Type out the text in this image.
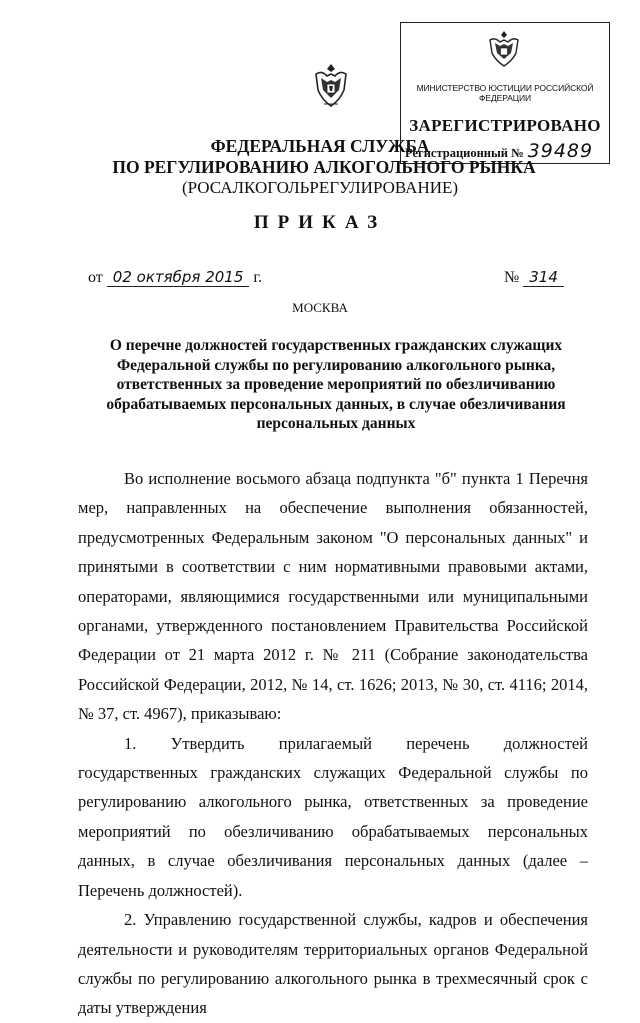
МИНИСТЕРСТВО ЮСТИЦИИ РОССИЙСКОЙ ФЕДЕРАЦИИ
ЗАРЕГИСТРИРОВАНО
Регистрационный № 39489
ФЕДЕРАЛЬНАЯ СЛУЖБА
ПО РЕГУЛИРОВАНИЮ АЛКОГОЛЬНОГО РЫНКА
(РОСАЛКОГОЛЬРЕГУЛИРОВАНИЕ)
ПРИКАЗ
от 02 октября 2015 г.	№ 314
МОСКВА
О перечне должностей государственных гражданских служащих Федеральной службы по регулированию алкогольного рынка, ответственных за проведение мероприятий по обезличиванию обрабатываемых персональных данных, в случае обезличивания персональных данных

Во исполнение восьмого абзаца подпункта "б" пункта 1 Перечня мер, направленных на обеспечение выполнения обязанностей, предусмотренных Федеральным законом "О персональных данных" и принятыми в соответствии с ним нормативными правовыми актами, операторами, являющимися государственными или муниципальными органами, утвержденного постановлением Правительства Российской Федерации от 21 марта 2012 г. № 211 (Собрание законодательства Российской Федерации, 2012, № 14, ст. 1626; 2013, № 30, ст. 4116; 2014, № 37, ст. 4967), приказываю:

1. Утвердить прилагаемый перечень должностей государственных гражданских служащих Федеральной службы по регулированию алкогольного рынка, ответственных за проведение мероприятий по обезличиванию обрабатываемых персональных данных, в случае обезличивания персональных данных (далее – Перечень должностей).

2. Управлению государственной службы, кадров и обеспечения деятельности и руководителям территориальных органов Федеральной службы по регулированию алкогольного рынка в трехмесячный срок с даты утверждения
